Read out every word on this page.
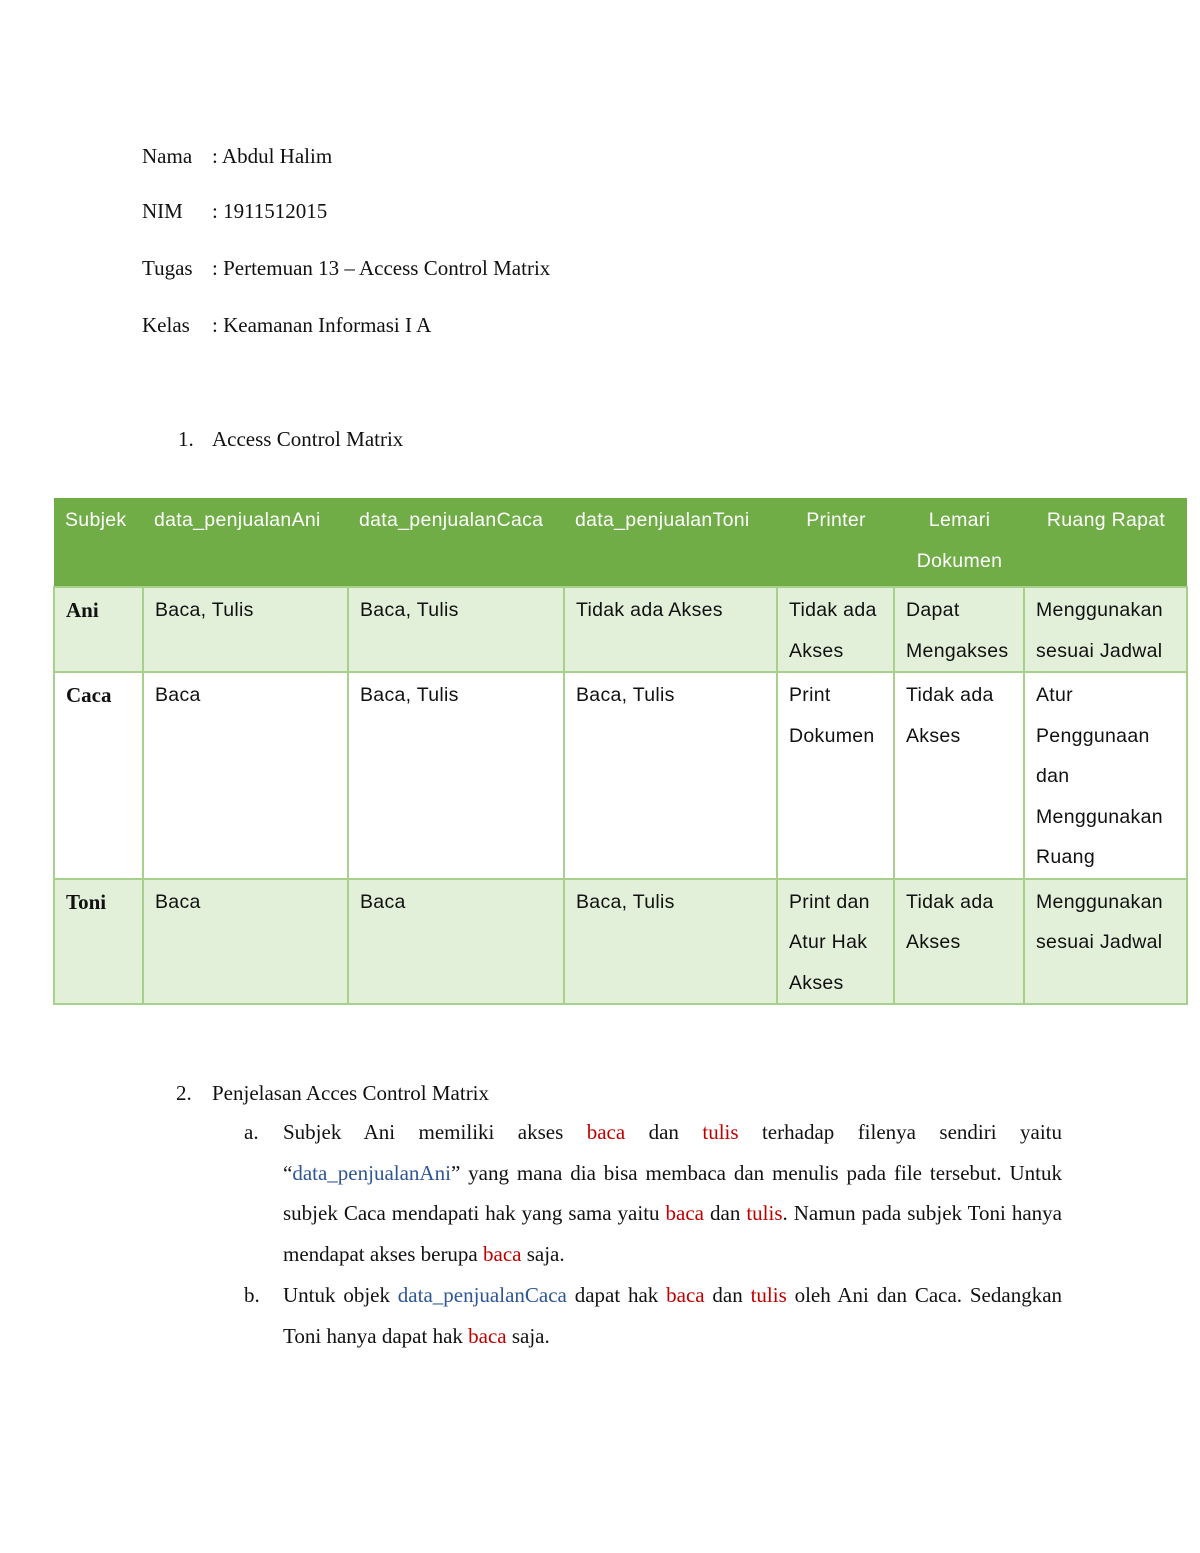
Nama : Abdul Halim
NIM : 1911512015
Tugas : Pertemuan 13 – Access Control Matrix
Kelas : Keamanan Informasi I A
1. Access Control Matrix
Subjek	data_penjualanAni	data_penjualanCaca	data_penjualanToni	Printer	Lemari Dokumen	Ruang Rapat
Ani	Baca, Tulis	Baca, Tulis	Tidak ada Akses	Tidak ada Akses	Dapat Mengakses	Menggunakan sesuai Jadwal
Caca	Baca	Baca, Tulis	Baca, Tulis	Print Dokumen	Tidak ada Akses	Atur Penggunaan dan Menggunakan Ruang
Toni	Baca	Baca	Baca, Tulis	Print dan Atur Hak Akses	Tidak ada Akses	Menggunakan sesuai Jadwal
2. Penjelasan Acces Control Matrix
a. Subjek Ani memiliki akses baca dan tulis terhadap filenya sendiri yaitu “data_penjualanAni” yang mana dia bisa membaca dan menulis pada file tersebut. Untuk subjek Caca mendapati hak yang sama yaitu baca dan tulis. Namun pada subjek Toni hanya mendapat akses berupa baca saja.
b. Untuk objek data_penjualanCaca dapat hak baca dan tulis oleh Ani dan Caca. Sedangkan Toni hanya dapat hak baca saja.
